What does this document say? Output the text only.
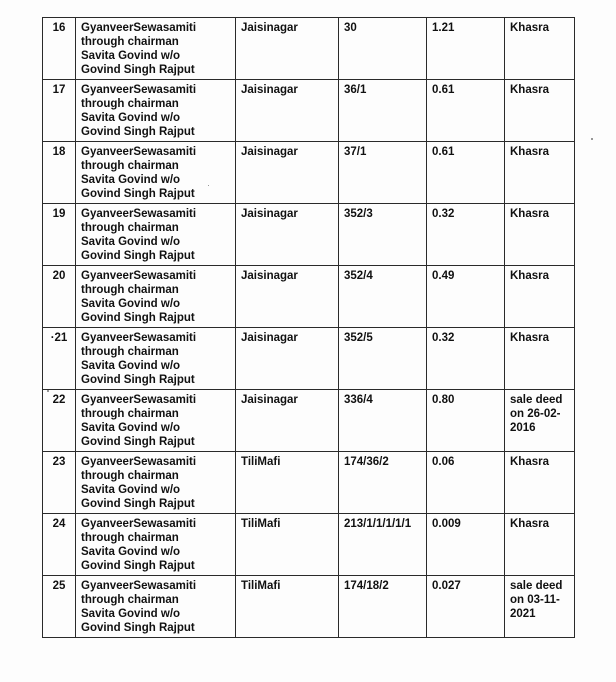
16	GyanveerSewasamiti
through chairman
Savita Govind w/o
Govind Singh Rajput	Jaisinagar	30	1.21	Khasra
17	GyanveerSewasamiti
through chairman
Savita Govind w/o
Govind Singh Rajput	Jaisinagar	36/1	0.61	Khasra
18	GyanveerSewasamiti
through chairman
Savita Govind w/o
Govind Singh Rajput	Jaisinagar	37/1	0.61	Khasra
19	GyanveerSewasamiti
through chairman
Savita Govind w/o
Govind Singh Rajput	Jaisinagar	352/3	0.32	Khasra
20	GyanveerSewasamiti
through chairman
Savita Govind w/o
Govind Singh Rajput	Jaisinagar	352/4	0.49	Khasra
·21	GyanveerSewasamiti
through chairman
Savita Govind w/o
Govind Singh Rajput	Jaisinagar	352/5	0.32	Khasra
22	GyanveerSewasamiti
through chairman
Savita Govind w/o
Govind Singh Rajput	Jaisinagar	336/4	0.80	sale deed on 26-02-2016
23	GyanveerSewasamiti
through chairman
Savita Govind w/o
Govind Singh Rajput	TiliMafi	174/36/2	0.06	Khasra
24	GyanveerSewasamiti
through chairman
Savita Govind w/o
Govind Singh Rajput	TiliMafi	213/1/1/1/1/1	0.009	Khasra
25	GyanveerSewasamiti
through chairman
Savita Govind w/o
Govind Singh Rajput	TiliMafi	174/18/2	0.027	sale deed on 03-11-2021
